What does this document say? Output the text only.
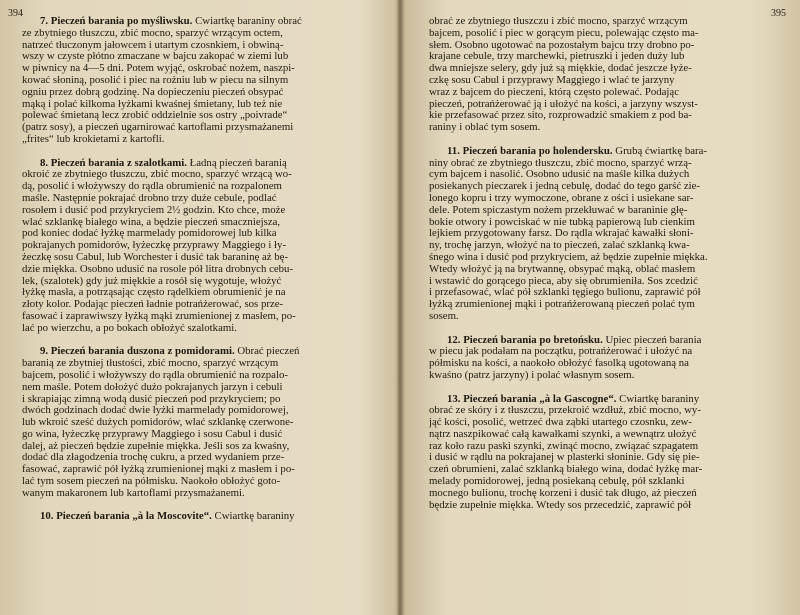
394
7. Pieczeń barania po myśliwsku. Ćwiartkę baraniny obrać
ze zbytniego tłuszczu, zbić mocno, sparzyć wrzącym octem,
natrzeć tłuczonym jałowcem i utartym czosnkiem, i obwiną-
wszy w czyste płótno zmaczane w bajcu zakopać w ziemi lub
w piwnicy na 4—5 dni. Potem wyjąć, oskrobać nożem, naszpi-
kować słoniną, posolić i piec na rożniu lub w piecu na silnym
ogniu przez dobrą godzinę. Na dopieczeniu pieczeń obsypać
mąką i polać kilkoma łyżkami kwaśnej śmietany, lub też nie
polewać śmietaną lecz zrobić oddzielnie sos ostry „poivrade“
(patrz sosy), a pieczeń ugarnirować kartoflami przysmażanemi
„frites“ lub krokietami z kartofli.
8. Pieczeń barania z szalotkami. Ładną pieczeń baranią
okroić ze zbytniego tłuszczu, zbić mocno, sparzyć wrzącą wo-
dą, posolić i włożywszy do rądla obrumienić na rozpalonem
maśle. Następnie pokrajać drobno trzy duże cebule, podlać
rosołem i dusić pod przykryciem 2½ godzin. Kto chce, może
wlać szklankę białego wina, a będzie pieczeń smaczniejsza,
pod koniec dodać łyżkę marmelady pomidorowej lub kilka
pokrajanych pomidorów, łyżeczkę przyprawy Maggiego i ły-
żeczkę sosu Cabul, lub Worchester i dusić tak baraninę aż bę-
dzie miękka. Osobno udusić na rosole pół litra drobnych cebu-
lek, (szalotek) gdy już miękkie a rosół się wygotuje, włożyć
łyżkę masła, a potrząsając często rądelkiem obrumienić je na
złoty kolor. Podając pieczeń ładnie potrańżerować, sos prze-
fasować i zaprawiwszy łyżką mąki zrumienionej z masłem, po-
lać po wierzchu, a po bokach obłożyć szalotkami.
9. Pieczeń barania duszona z pomidorami. Obrać pieczeń
baranią ze zbytniej tłustości, zbić mocno, sparzyć wrzącym
bajcem, posolić i włożywszy do rądla obrumienić na rozpalo-
nem maśle. Potem dołożyć dużo pokrajanych jarzyn i cebuli
i skrapiając zimną wodą dusić pieczeń pod przykryciem; po
dwóch godzinach dodać dwie łyżki marmelady pomidorowej,
lub wkroić sześć dużych pomidorów, wlać szklankę czerwone-
go wina, łyżeczkę przyprawy Maggiego i sosu Cabul i dusić
dalej, aż pieczeń będzie zupełnie miękka. Jeśli sos za kwaśny,
dodać dla złagodzenia trochę cukru, a przed wydaniem prze-
fasować, zaprawić pół łyżką zrumienionej mąki z masłem i po-
lać tym sosem pieczeń na półmisku. Naokoło obłożyć goto-
wanym makaronem lub kartoflami przysmażanemi.
10. Pieczeń barania „à la Moscovite“. Ćwiartkę baraniny
395
obrać ze zbytniego tłuszczu i zbić mocno, sparzyć wrzącym
bajcem, posolić i piec w gorącym piecu, polewając często ma-
słem. Osobno ugotować na pozostałym bajcu trzy drobno po-
krajane cebule, trzy marchewki, pietruszki i jeden duży lub
dwa mniejsze selery, gdy już są miękkie, dodać jeszcze łyże-
czkę sosu Cabul i przyprawy Maggiego i wlać te jarzyny
wraz z bajcem do pieczeni, którą często polewać. Podając
pieczeń, potrańżerować ją i ułożyć na kości, a jarzyny wszyst-
kie przefasować przez sito, rozprowadzić smakiem z pod ba-
raniny i oblać tym sosem.
11. Pieczeń barania po holendersku. Grubą ćwiartkę bara-
niny obrać ze zbytniego tłuszczu, zbić mocno, sparzyć wrzą-
cym bajcem i nasolić. Osobno udusić na maśle kilka dużych
posiekanych pieczarek i jedną cebulę, dodać do tego garść zie-
lonego kopru i trzy wymoczone, obrane z ości i usiekane sar-
dele. Potem spiczastym nożem przekłuwać w baraninie głę-
bokie otwory i powciskać w nie tubką papierową lub cienkim
lejkiem przygotowany farsz. Do rądla wkrajać kawałki słoni-
ny, trochę jarzyn, włożyć na to pieczeń, zalać szklanką kwa-
śnego wina i dusić pod przykryciem, aż będzie zupełnie miękka.
Wtedy włożyć ją na brytwannę, obsypać mąką, oblać masłem
i wstawić do gorącego pieca, aby się obrumieniła. Sos zcedzić
i przefasować, wlać pół szklanki tęgiego bulionu, zaprawić pół
łyżką zrumienionej mąki i potrańżerowaną pieczeń polać tym
sosem.
12. Pieczeń barania po bretońsku. Upiec pieczeń barania
w piecu jak podałam na początku, potrańżerować i ułożyć na
półmisku na kości, a naokoło obłożyć fasolką ugotowaną na
kwaśno (patrz jarzyny) i polać własnym sosem.
13. Pieczeń barania „à la Gascogne“. Ćwiartkę baraniny
obrać ze skóry i z tłuszczu, przekroić wzdłuż, zbić mocno, wy-
jąć kości, posolić, wetrzeć dwa ząbki utartego czosnku, zew-
nątrz naszpikować całą kawałkami szynki, a wewnątrz ułożyć
raz koło razu paski szynki, zwinąć mocno, związać szpagatem
i dusić w rądlu na pokrajanej w plasterki słoninie. Gdy się pie-
czeń obrumieni, zalać szklanką białego wina, dodać łyżkę mar-
melady pomidorowej, jedną posiekaną cebulę, pół szklanki
mocnego bulionu, trochę korzeni i dusić tak długo, aż pieczeń
będzie zupełnie miękka. Wtedy sos przecedzić, zaprawić pół
